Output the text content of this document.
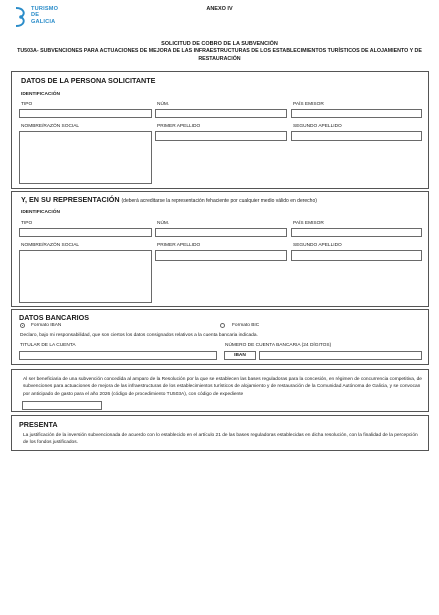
TURISMO
DE
GALICIA
ANEXO IV
SOLICITUD DE COBRO DE LA SUBVENCIÓN
TU503A- SUBVENCIONES PARA ACTUACIONES DE MEJORA DE LAS INFRAESTRUCTURAS DE LOS ESTABLECIMIENTOS TURÍSTICOS DE ALOJAMIENTO Y DE RESTAURACIÓN
DATOS DE LA PERSONA SOLICITANTE
IDENTIFICACIÓN
TIPO	NÚM.	PAÍS EMISOR
NOMBRE/RAZÓN SOCIAL	PRIMER APELLIDO	SEGUNDO APELLIDO
Y, EN SU REPRESENTACIÓN (deberá acreditarse la representación fehaciente por cualquier medio válido en derecho)
IDENTIFICACIÓN
TIPO	NÚM.	PAÍS EMISOR
NOMBRE/RAZÓN SOCIAL	PRIMER APELLIDO	SEGUNDO APELLIDO
DATOS BANCARIOS
Formato IBAN	Formato BIC
Declaro, bajo mi responsabilidad, que son ciertos los datos consignados relativos a la cuenta bancaria indicada.
TITULAR DE LA CUENTA	NÚMERO DE CUENTA BANCARIA (24 DÍGITOS)
IBAN
Al ser beneficiaria de una subvención concedida al amparo de la Resolución por la que se establecen las bases reguladoras para la concesión, en régimen de concurrencia competitiva, de subvenciones para actuaciones de mejora de las infraestructuras de los establecimientos turísticos de alojamiento y de restauración de la Comunidad Autónoma de Galicia, y se convocan por anticipado de gasto para el año 2026 (código de procedimiento TU503A), con código de expediente
PRESENTA
La justificación de la inversión subvencionada de acuerdo con lo establecido en el artículo 21 de las bases reguladoras establecidas en dicha resolución, con la finalidad de la percepción de los fondos justificados.
